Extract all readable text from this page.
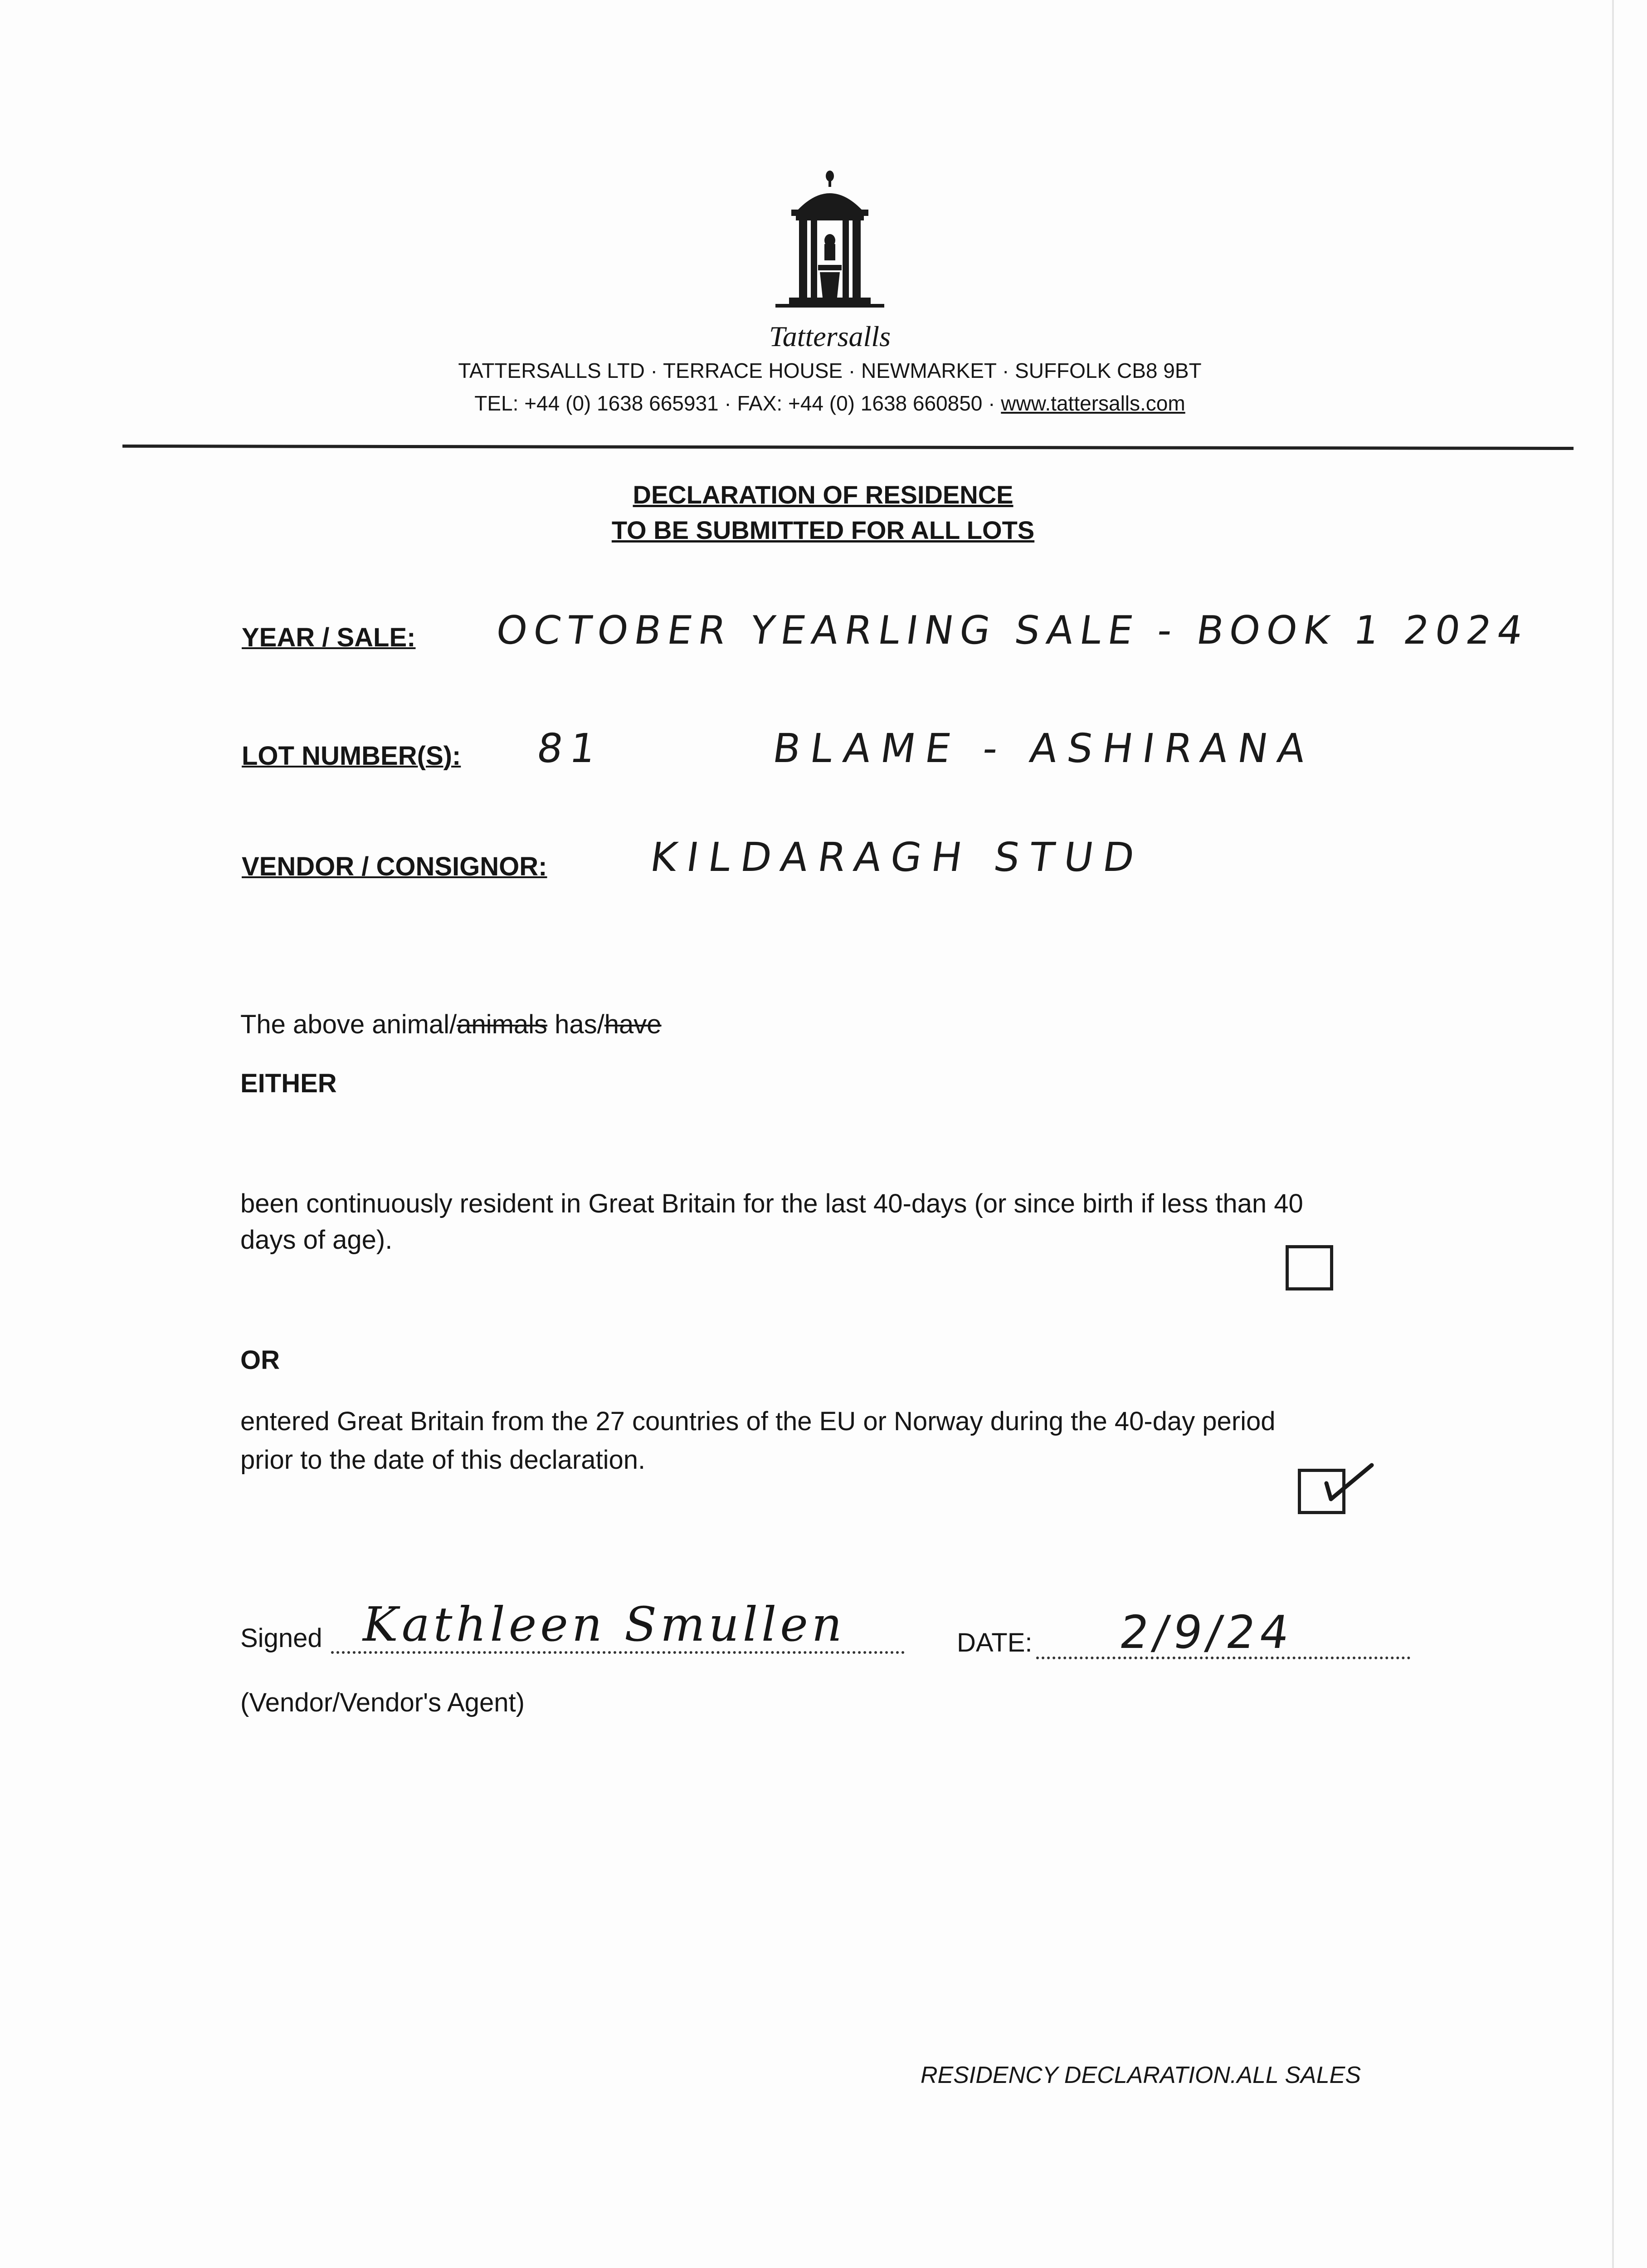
Tattersalls
TATTERSALLS LTD · TERRACE HOUSE · NEWMARKET · SUFFOLK CB8 9BT
TEL: +44 (0) 1638 665931 · FAX: +44 (0) 1638 660850 · www.tattersalls.com
DECLARATION OF RESIDENCE
TO BE SUBMITTED FOR ALL LOTS
YEAR / SALE: OCTOBER YEARLING SALE - BOOK 1 2024
LOT NUMBER(S): 81	BLAME - ASHIRANA
VENDOR / CONSIGNOR:	KILDARAGH STUD
The above animal/animals has/have
EITHER
been continuously resident in Great Britain for the last 40-days (or since birth if less than 40
days of age).
OR
entered Great Britain from the 27 countries of the EU or Norway during the 40-day period
prior to the date of this declaration.
Signed Kathleen Smullen	DATE: 2/9/24
(Vendor/Vendor's Agent)
RESIDENCY DECLARATION.ALL SALES
